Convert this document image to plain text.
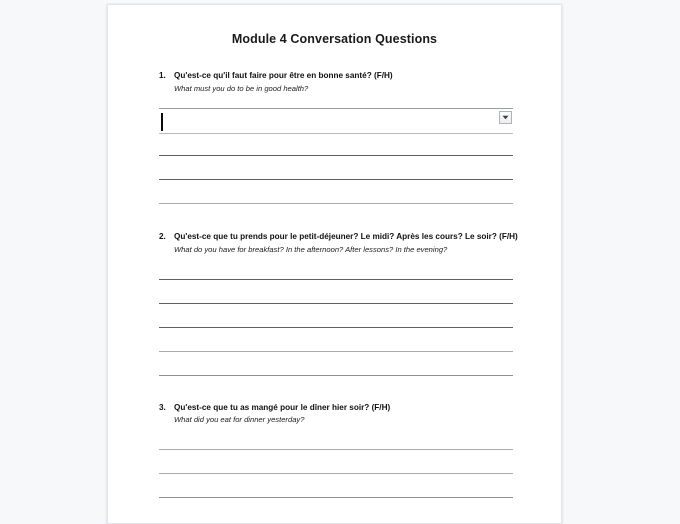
Module 4 Conversation Questions
1. Qu'est-ce qu'il faut faire pour être en bonne santé? (F/H)
What must you do to be in good health?
2. Qu'est-ce que tu prends pour le petit-déjeuner? Le midi? Après les cours? Le soir? (F/H)
What do you have for breakfast? In the afternoon? After lessons? In the evening?
3. Qu'est-ce que tu as mangé pour le dîner hier soir? (F/H)
What did you eat for dinner yesterday?
